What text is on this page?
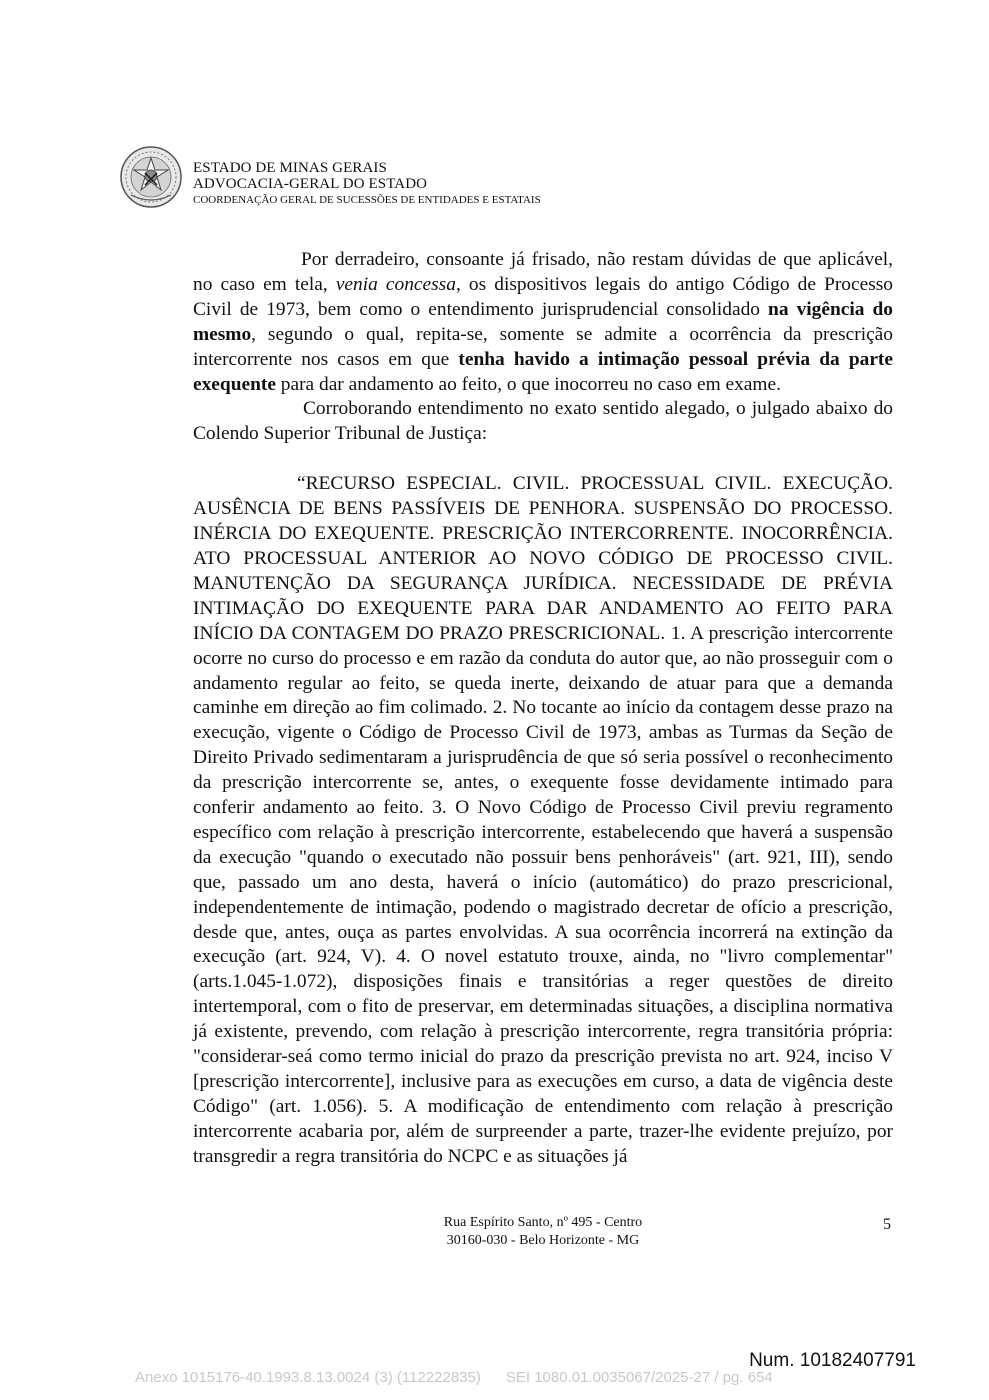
ESTADO DE MINAS GERAIS
ADVOCACIA-GERAL DO ESTADO
COORDENAÇÃO GERAL DE SUCESSÕES DE ENTIDADES E ESTATAIS

Por derradeiro, consoante já frisado, não restam dúvidas de que aplicável, no caso em tela, venia concessa, os dispositivos legais do antigo Código de Processo Civil de 1973, bem como o entendimento jurisprudencial consolidado na vigência do mesmo, segundo o qual, repita-se, somente se admite a ocorrência da prescrição intercorrente nos casos em que tenha havido a intimação pessoal prévia da parte exequente para dar andamento ao feito, o que inocorreu no caso em exame.

Corroborando entendimento no exato sentido alegado, o julgado abaixo do Colendo Superior Tribunal de Justiça:

“RECURSO ESPECIAL. CIVIL. PROCESSUAL CIVIL. EXECUÇÃO. AUSÊNCIA DE BENS PASSÍVEIS DE PENHORA. SUSPENSÃO DO PROCESSO. INÉRCIA DO EXEQUENTE. PRESCRIÇÃO INTERCORRENTE. INOCORRÊNCIA. ATO PROCESSUAL ANTERIOR AO NOVO CÓDIGO DE PROCESSO CIVIL. MANUTENÇÃO DA SEGURANÇA JURÍDICA. NECESSIDADE DE PRÉVIA INTIMAÇÃO DO EXEQUENTE PARA DAR ANDAMENTO AO FEITO PARA INÍCIO DA CONTAGEM DO PRAZO PRESCRICIONAL. 1. A prescrição intercorrente ocorre no curso do processo e em razão da conduta do autor que, ao não prosseguir com o andamento regular ao feito, se queda inerte, deixando de atuar para que a demanda caminhe em direção ao fim colimado. 2. No tocante ao início da contagem desse prazo na execução, vigente o Código de Processo Civil de 1973, ambas as Turmas da Seção de Direito Privado sedimentaram a jurisprudência de que só seria possível o reconhecimento da prescrição intercorrente se, antes, o exequente fosse devidamente intimado para conferir andamento ao feito. 3. O Novo Código de Processo Civil previu regramento específico com relação à prescrição intercorrente, estabelecendo que haverá a suspensão da execução "quando o executado não possuir bens penhoráveis" (art. 921, III), sendo que, passado um ano desta, haverá o início (automático) do prazo prescricional, independentemente de intimação, podendo o magistrado decretar de ofício a prescrição, desde que, antes, ouça as partes envolvidas. A sua ocorrência incorrerá na extinção da execução (art. 924, V). 4. O novel estatuto trouxe, ainda, no "livro complementar" (arts.1.045-1.072), disposições finais e transitórias a reger questões de direito intertemporal, com o fito de preservar, em determinadas situações, a disciplina normativa já existente, prevendo, com relação à prescrição intercorrente, regra transitória própria: "considerar-seá como termo inicial do prazo da prescrição prevista no art. 924, inciso V [prescrição intercorrente], inclusive para as execuções em curso, a data de vigência deste Código" (art. 1.056). 5. A modificação de entendimento com relação à prescrição intercorrente acabaria por, além de surpreender a parte, trazer-lhe evidente prejuízo, por transgredir a regra transitória do NCPC e as situações já

Rua Espírito Santo, nº 495 - Centro
30160-030 - Belo Horizonte - MG
5
Num. 10182407791
Anexo 1015176-40.1993.8.13.0024 (3) (112222835) SEI 1080.01.0035067/2025-27 / pg. 654
